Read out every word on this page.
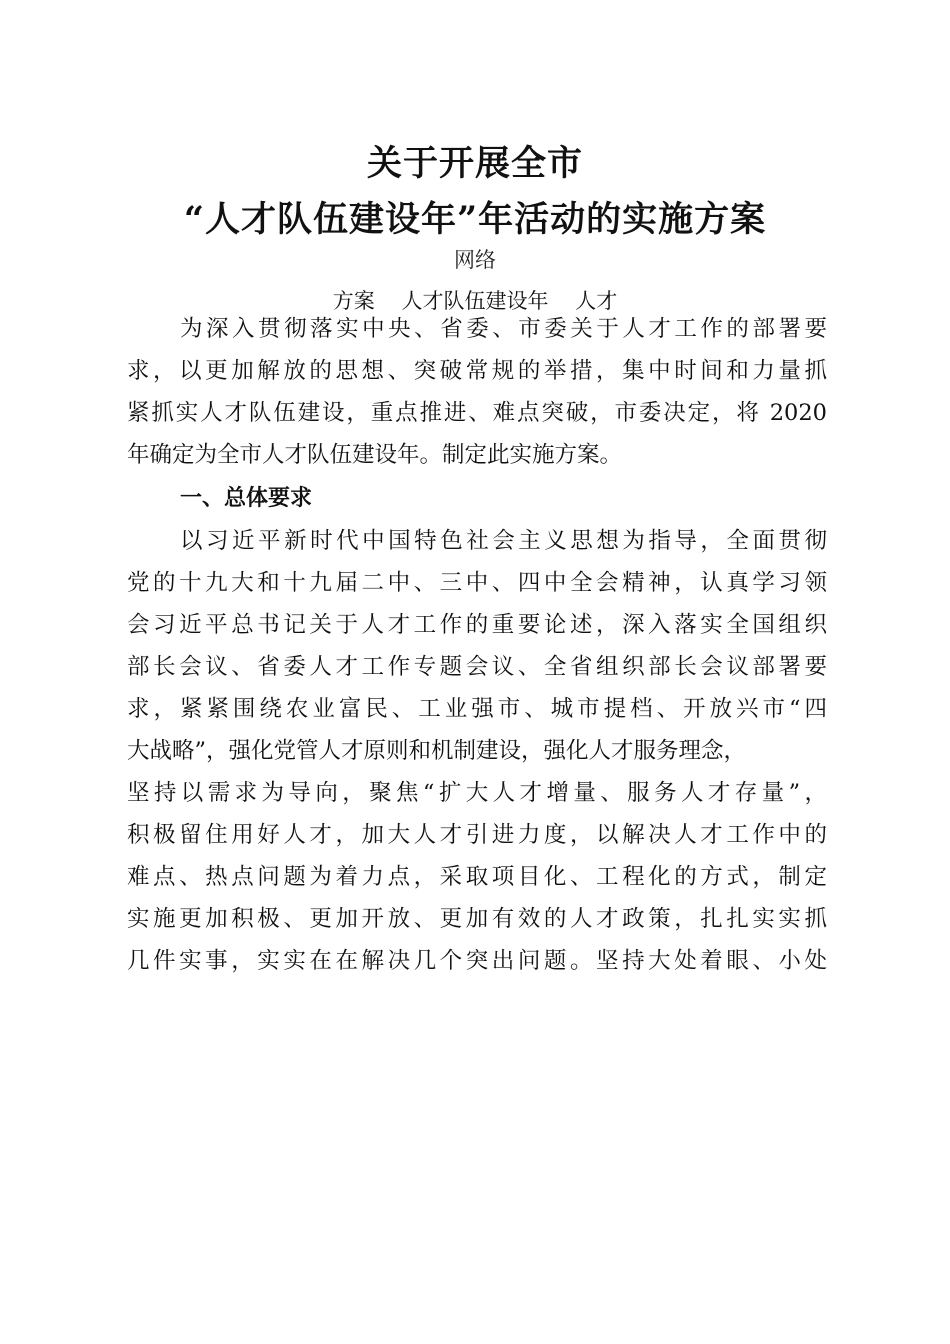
关于开展全市
“人才队伍建设年”年活动的实施方案
网络
方案    人才队伍建设年    人才
为深入贯彻落实中央、省委、市委关于人才工作的部署要
求，以更加解放的思想、突破常规的举措，集中时间和力量抓
紧抓实人才队伍建设，重点推进、难点突破，市委决定，将 2020
年确定为全市人才队伍建设年。制定此实施方案。
一、总体要求
以习近平新时代中国特色社会主义思想为指导，全面贯彻
党的十九大和十九届二中、三中、四中全会精神，认真学习领
会习近平总书记关于人才工作的重要论述，深入落实全国组织
部长会议、省委人才工作专题会议、全省组织部长会议部署要
求，紧紧围绕农业富民、工业强市、城市提档、开放兴市“四
大战略”，强化党管人才原则和机制建设，强化人才服务理念，
坚持以需求为导向，聚焦“扩大人才增量、服务人才存量”，
积极留住用好人才，加大人才引进力度，以解决人才工作中的
难点、热点问题为着力点，采取项目化、工程化的方式，制定
实施更加积极、更加开放、更加有效的人才政策，扎扎实实抓
几件实事，实实在在解决几个突出问题。坚持大处着眼、小处
